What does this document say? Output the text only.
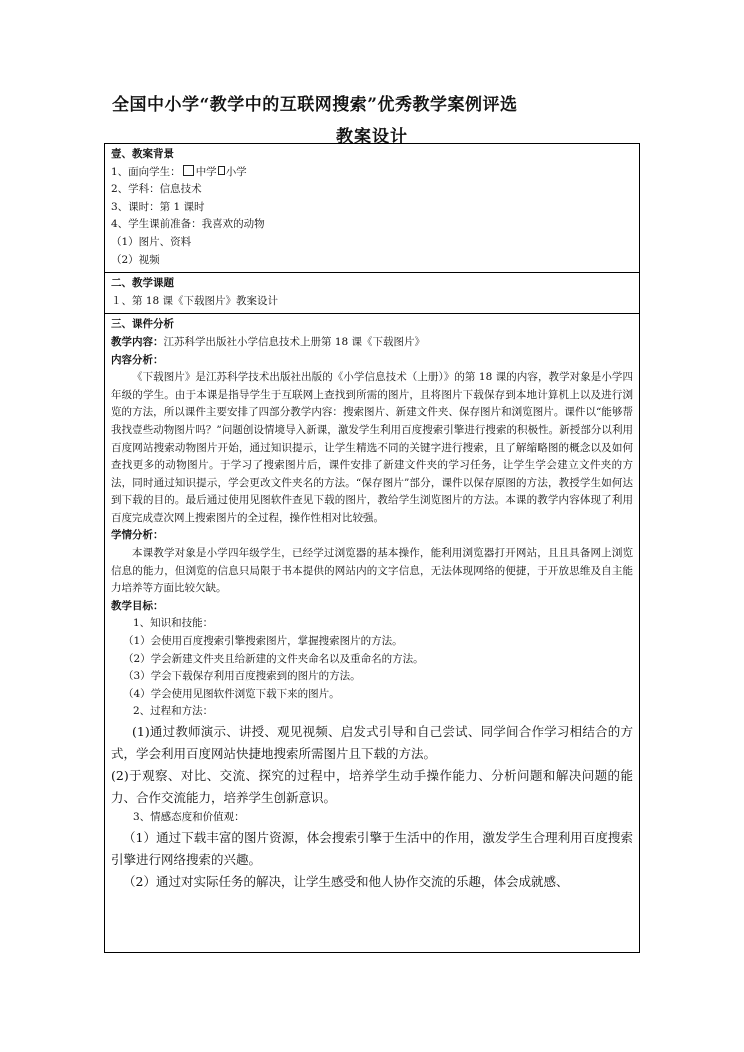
全国中小学“教学中的互联网搜索”优秀教学案例评选
教案设计
壹、教案背景
1、面向学生： 中学 小学
2、学科：信息技术
3、课时：第 1 课时
4、学生课前准备：我喜欢的动物
（1）图片、资料
（2）视频
二、教学课题
１、第 18 课《下载图片》教案设计
三、课件分析
教学内容：江苏科学出版社小学信息技术上册第 18 课《下载图片》
内容分析：
《下载图片》是江苏科学技术出版社出版的《小学信息技术（上册）》的第 18 课的内容，教学对象是小学四年级的学生。由于本课是指导学生于互联网上查找到所需的图片，且将图片下载保存到本地计算机上以及进行浏览的方法，所以课件主要安排了四部分教学内容：搜索图片、新建文件夹、保存图片和浏览图片。课件以“能够帮我找壹些动物图片吗？”问题创设情境导入新课，激发学生利用百度搜索引擎进行搜索的积极性。新授部分以利用百度网站搜索动物图片开始，通过知识提示，让学生精选不同的关键字进行搜索，且了解缩略图的概念以及如何查找更多的动物图片。于学习了搜索图片后，课件安排了新建文件夹的学习任务，让学生学会建立文件夹的方法，同时通过知识提示，学会更改文件夹名的方法。“保存图片”部分，课件以保存原图的方法，教授学生如何达到下载的目的。最后通过使用见图软件查见下载的图片，教给学生浏览图片的方法。本课的教学内容体现了利用百度完成壹次网上搜索图片的全过程，操作性相对比较强。
学情分析：
本课教学对象是小学四年级学生，已经学过浏览器的基本操作，能利用浏览器打开网站，且且具备网上浏览信息的能力，但浏览的信息只局限于书本提供的网站内的文字信息，无法体现网络的便捷，于开放思维及自主能力培养等方面比较欠缺。
教学目标：
1、知识和技能：
（1）会使用百度搜索引擎搜索图片，掌握搜索图片的方法。
（2）学会新建文件夹且给新建的文件夹命名以及重命名的方法。
（3）学会下载保存利用百度搜索到的图片的方法。
（4）学会使用见图软件浏览下载下来的图片。
2、过程和方法：
(1)通过教师演示、讲授、观见视频、启发式引导和自己尝试、同学间合作学习相结合的方式，学会利用百度网站快捷地搜索所需图片且下载的方法。
(2)于观察、对比、交流、探究的过程中，培养学生动手操作能力、分析问题和解决问题的能力、合作交流能力，培养学生创新意识。
3、情感态度和价值观：
（1）通过下载丰富的图片资源，体会搜索引擎于生活中的作用，激发学生合理利用百度搜索引擎进行网络搜索的兴趣。
（2）通过对实际任务的解决，让学生感受和他人协作交流的乐趣，体会成就感、
